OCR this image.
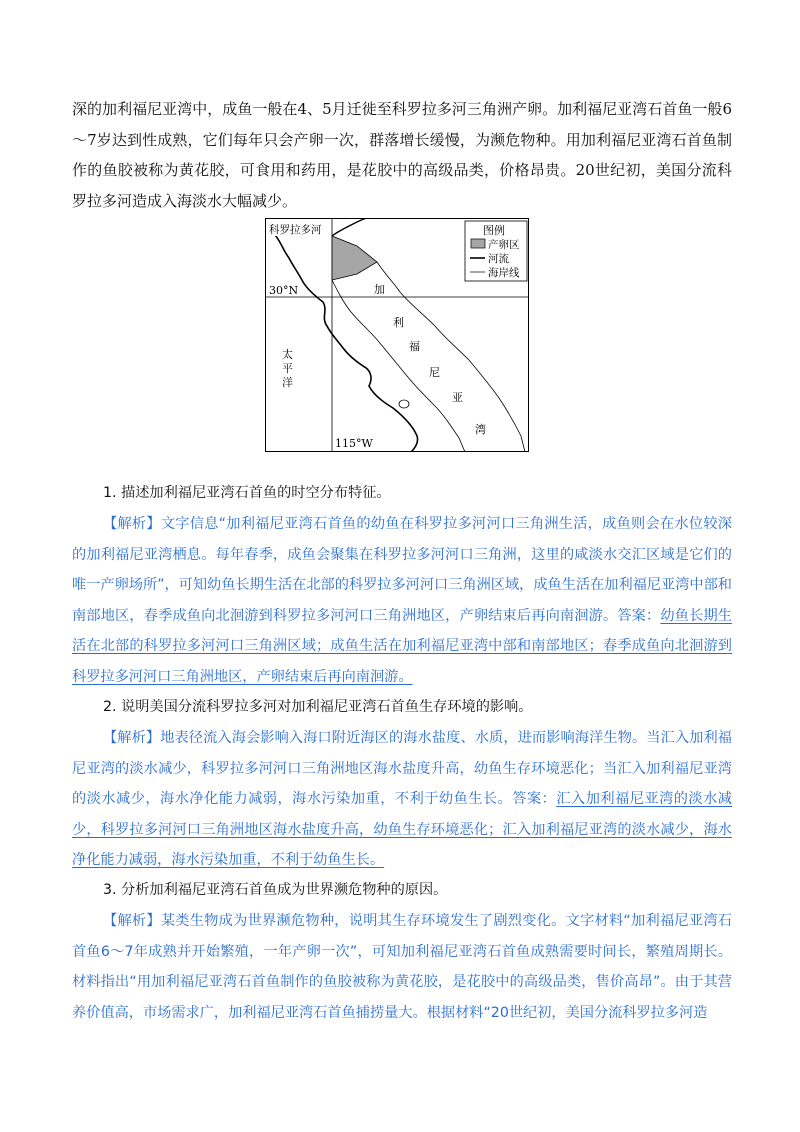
深的加利福尼亚湾中，成鱼一般在4、5月迁徙至科罗拉多河三角洲产卵。加利福尼亚湾石首鱼一般6～7岁达到性成熟，它们每年只会产卵一次，群落增长缓慢，为濒危物种。用加利福尼亚湾石首鱼制作的鱼胶被称为黄花胶，可食用和药用，是花胶中的高级品类，价格昂贵。20世纪初，美国分流科罗拉多河造成入海淡水大幅减少。

科罗拉多河
30°N
115°W
太
平
洋
加
利
福
尼
亚
湾
图例
产卵区
河流
海岸线

1. 描述加利福尼亚湾石首鱼的时空分布特征。

【解析】文字信息“加利福尼亚湾石首鱼的幼鱼在科罗拉多河河口三角洲生活，成鱼则会在水位较深的加利福尼亚湾栖息。每年春季，成鱼会聚集在科罗拉多河河口三角洲，这里的咸淡水交汇区域是它们的唯一产卵场所”，可知幼鱼长期生活在北部的科罗拉多河河口三角洲区域，成鱼生活在加利福尼亚湾中部和南部地区，春季成鱼向北洄游到科罗拉多河河口三角洲地区，产卵结束后再向南洄游。答案：幼鱼长期生活在北部的科罗拉多河河口三角洲区域；成鱼生活在加利福尼亚湾中部和南部地区；春季成鱼向北洄游到科罗拉多河河口三角洲地区，产卵结束后再向南洄游。

2. 说明美国分流科罗拉多河对加利福尼亚湾石首鱼生存环境的影响。

【解析】地表径流入海会影响入海口附近海区的海水盐度、水质，进而影响海洋生物。当汇入加利福尼亚湾的淡水减少，科罗拉多河河口三角洲地区海水盐度升高，幼鱼生存环境恶化；当汇入加利福尼亚湾的淡水减少，海水净化能力减弱，海水污染加重，不利于幼鱼生长。答案：汇入加利福尼亚湾的淡水减少，科罗拉多河河口三角洲地区海水盐度升高，幼鱼生存环境恶化；汇入加利福尼亚湾的淡水减少，海水净化能力减弱，海水污染加重，不利于幼鱼生长。

3. 分析加利福尼亚湾石首鱼成为世界濒危物种的原因。

【解析】某类生物成为世界濒危物种，说明其生存环境发生了剧烈变化。文字材料“加利福尼亚湾石首鱼6～7年成熟并开始繁殖，一年产卵一次”，可知加利福尼亚湾石首鱼成熟需要时间长，繁殖周期长。材料指出“用加利福尼亚湾石首鱼制作的鱼胶被称为黄花胶，是花胶中的高级品类，售价高昂”。由于其营养价值高，市场需求广，加利福尼亚湾石首鱼捕捞量大。根据材料“20世纪初，美国分流科罗拉多河造
